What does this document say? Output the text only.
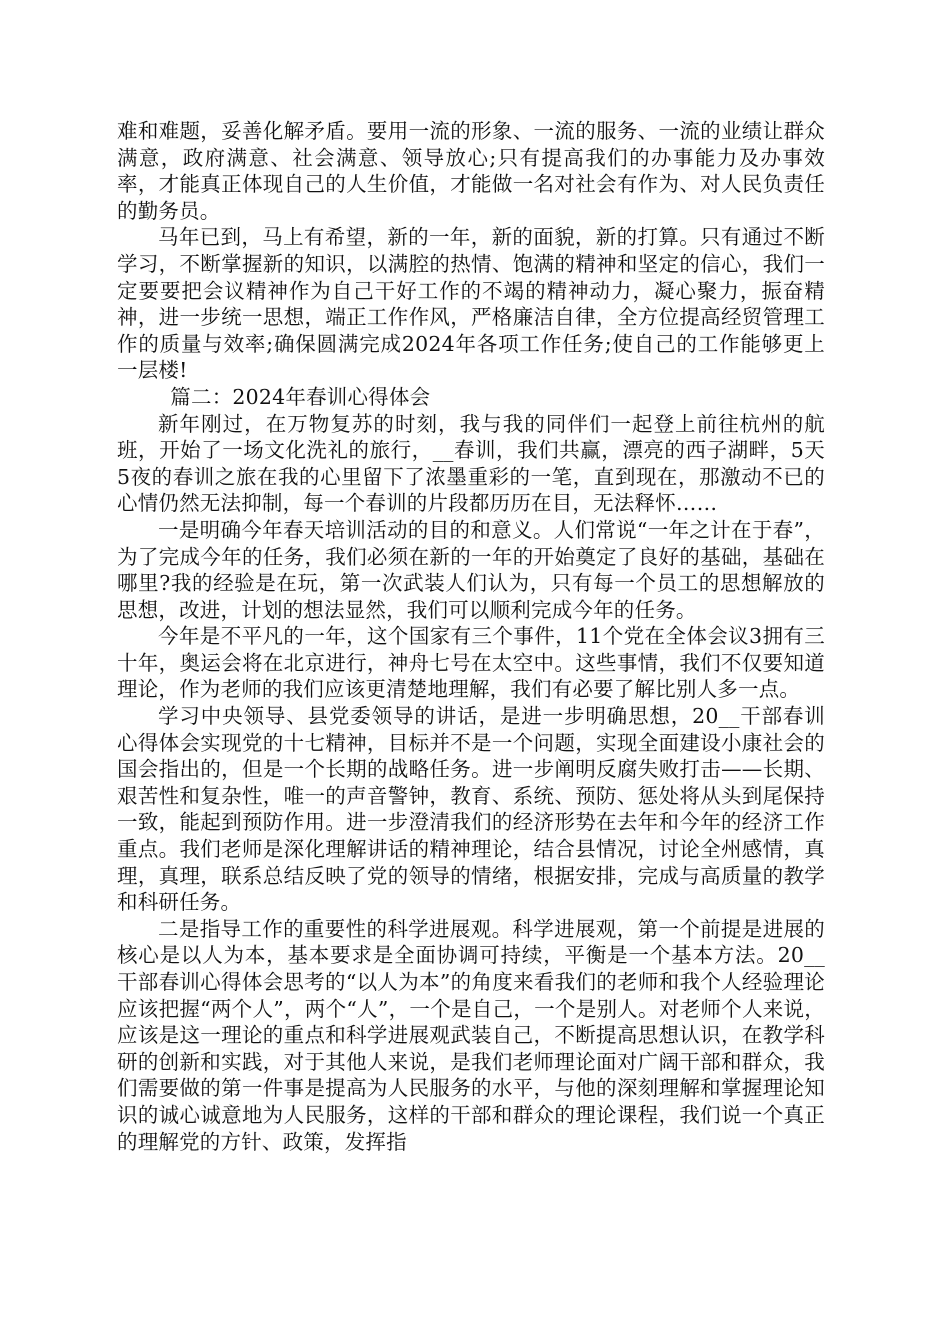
难和难题，妥善化解矛盾。要用一流的形象、一流的服务、一流的业绩让群众满意，政府满意、社会满意、领导放心;只有提高我们的办事能力及办事效率，才能真正体现自己的人生价值，才能做一名对社会有作为、对人民负责任的勤务员。

马年已到，马上有希望，新的一年，新的面貌，新的打算。只有通过不断学习，不断掌握新的知识，以满腔的热情、饱满的精神和坚定的信心，我们一定要要把会议精神作为自己干好工作的不竭的精神动力，凝心聚力，振奋精神，进一步统一思想，端正工作作风，严格廉洁自律，全方位提高经贸管理工作的质量与效率;确保圆满完成2024年各项工作任务;使自己的工作能够更上一层楼!

篇二：2024年春训心得体会

新年刚过，在万物复苏的时刻，我与我的同伴们一起登上前往杭州的航班，开始了一场文化洗礼的旅行，__春训，我们共赢，漂亮的西子湖畔，5天5夜的春训之旅在我的心里留下了浓墨重彩的一笔，直到现在，那激动不已的心情仍然无法抑制，每一个春训的片段都历历在目，无法释怀……

一是明确今年春天培训活动的目的和意义。人们常说“一年之计在于春”，为了完成今年的任务，我们必须在新的一年的开始奠定了良好的基础，基础在哪里?我的经验是在玩，第一次武装人们认为，只有每一个员工的思想解放的思想，改进，计划的想法显然，我们可以顺利完成今年的任务。

今年是不平凡的一年，这个国家有三个事件，11个党在全体会议3拥有三十年，奥运会将在北京进行，神舟七号在太空中。这些事情，我们不仅要知道理论，作为老师的我们应该更清楚地理解，我们有必要了解比别人多一点。

学习中央领导、县党委领导的讲话，是进一步明确思想，20__干部春训心得体会实现党的十七精神，目标并不是一个问题，实现全面建设小康社会的国会指出的，但是一个长期的战略任务。进一步阐明反腐失败打击——长期、艰苦性和复杂性，唯一的声音警钟，教育、系统、预防、惩处将从头到尾保持一致，能起到预防作用。进一步澄清我们的经济形势在去年和今年的经济工作重点。我们老师是深化理解讲话的精神理论，结合县情况，讨论全州感情，真理，真理，联系总结反映了党的领导的情绪，根据安排，完成与高质量的教学和科研任务。

二是指导工作的重要性的科学进展观。科学进展观，第一个前提是进展的核心是以人为本，基本要求是全面协调可持续，平衡是一个基本方法。20__干部春训心得体会思考的“以人为本”的角度来看我们的老师和我个人经验理论应该把握“两个人”，两个“人”，一个是自己，一个是别人。对老师个人来说，应该是这一理论的重点和科学进展观武装自己，不断提高思想认识，在教学科研的创新和实践，对于其他人来说，是我们老师理论面对广阔干部和群众，我们需要做的第一件事是提高为人民服务的水平，与他的深刻理解和掌握理论知识的诚心诚意地为人民服务，这样的干部和群众的理论课程，我们说一个真正的理解党的方针、政策，发挥指
